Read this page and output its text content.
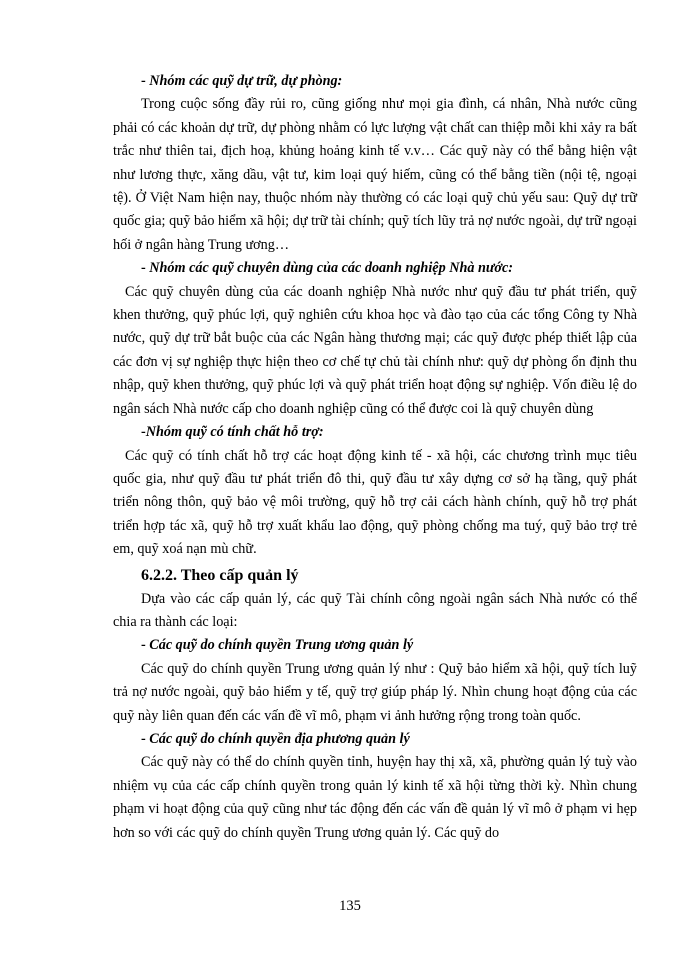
- Nhóm các quỹ dự trữ, dự phòng:

Trong cuộc sống đầy rủi ro, cũng giống như mọi gia đình, cá nhân, Nhà nước cũng phải có các khoản dự trữ, dự phòng nhằm có lực lượng vật chất can thiệp mỗi khi xảy ra bất trắc như thiên tai, địch hoạ, khủng hoảng kinh tế v.v… Các quỹ này có thể bằng hiện vật như lương thực, xăng dầu, vật tư, kim loại quý hiếm, cũng có thể bằng tiền (nội tệ, ngoại tệ). Ở Việt Nam hiện nay, thuộc nhóm này thường có các loại quỹ chủ yếu sau: Quỹ dự trữ quốc gia; quỹ bảo hiểm xã hội; dự trữ tài chính; quỹ tích lũy trả nợ nước ngoài, dự trữ ngoại hối ở ngân hàng Trung ương…

- Nhóm các quỹ chuyên dùng của các doanh nghiệp Nhà nước:

Các quỹ chuyên dùng của các doanh nghiệp Nhà nước như quỹ đầu tư phát triển, quỹ khen thưởng, quỹ phúc lợi, quỹ nghiên cứu khoa học và đào tạo của các tổng Công ty Nhà nước, quỹ dự trữ bắt buộc của các Ngân hàng thương mại; các quỹ được phép thiết lập của các đơn vị sự nghiệp thực hiện theo cơ chế tự chủ tài chính như: quỹ dự phòng ổn định thu nhập, quỹ khen thưởng, quỹ phúc lợi và quỹ phát triển hoạt động sự nghiệp. Vốn điều lệ do ngân sách Nhà nước cấp cho doanh nghiệp cũng có thể được coi là quỹ chuyên dùng

-Nhóm quỹ có tính chất hỗ trợ:

Các quỹ có tính chất hỗ trợ các hoạt động kinh tế - xã hội, các chương trình mục tiêu quốc gia, như quỹ đầu tư phát triển đô thi, quỹ đầu tư xây dựng cơ sở hạ tầng, quỹ phát triển nông thôn, quỹ bảo vệ môi trường, quỹ hỗ trợ cải cách hành chính, quỹ hỗ trợ phát triển hợp tác xã, quỹ hỗ trợ xuất khẩu lao động, quỹ phòng chống ma tuý, quỹ bảo trợ trẻ em, quỹ xoá nạn mù chữ.

6.2.2. Theo cấp quản lý

Dựa vào các cấp quản lý, các quỹ Tài chính công ngoài ngân sách Nhà nước có thể chia ra thành các loại:

- Các quỹ do chính quyền Trung ương quản lý

Các quỹ do chính quyền Trung ương quản lý như : Quỹ bảo hiểm xã hội, quỹ tích luỹ trả nợ nước ngoài, quỹ bảo hiểm y tế, quỹ trợ giúp pháp lý. Nhìn chung hoạt động của các quỹ này liên quan đến các vấn đề vĩ mô, phạm vi ảnh hưởng rộng trong toàn quốc.

- Các quỹ do chính quyền địa phương quản lý

Các quỹ này có thể do chính quyền tỉnh, huyện hay thị xã, xã, phường quản lý tuỳ vào nhiệm vụ của các cấp chính quyền trong quản lý kinh tế xã hội từng thời kỳ. Nhìn chung phạm vi hoạt động của quỹ cũng như tác động đến các vấn đề quản lý vĩ mô ở phạm vi hẹp hơn so với các quỹ do chính quyền Trung ương quản lý. Các quỹ do

135
